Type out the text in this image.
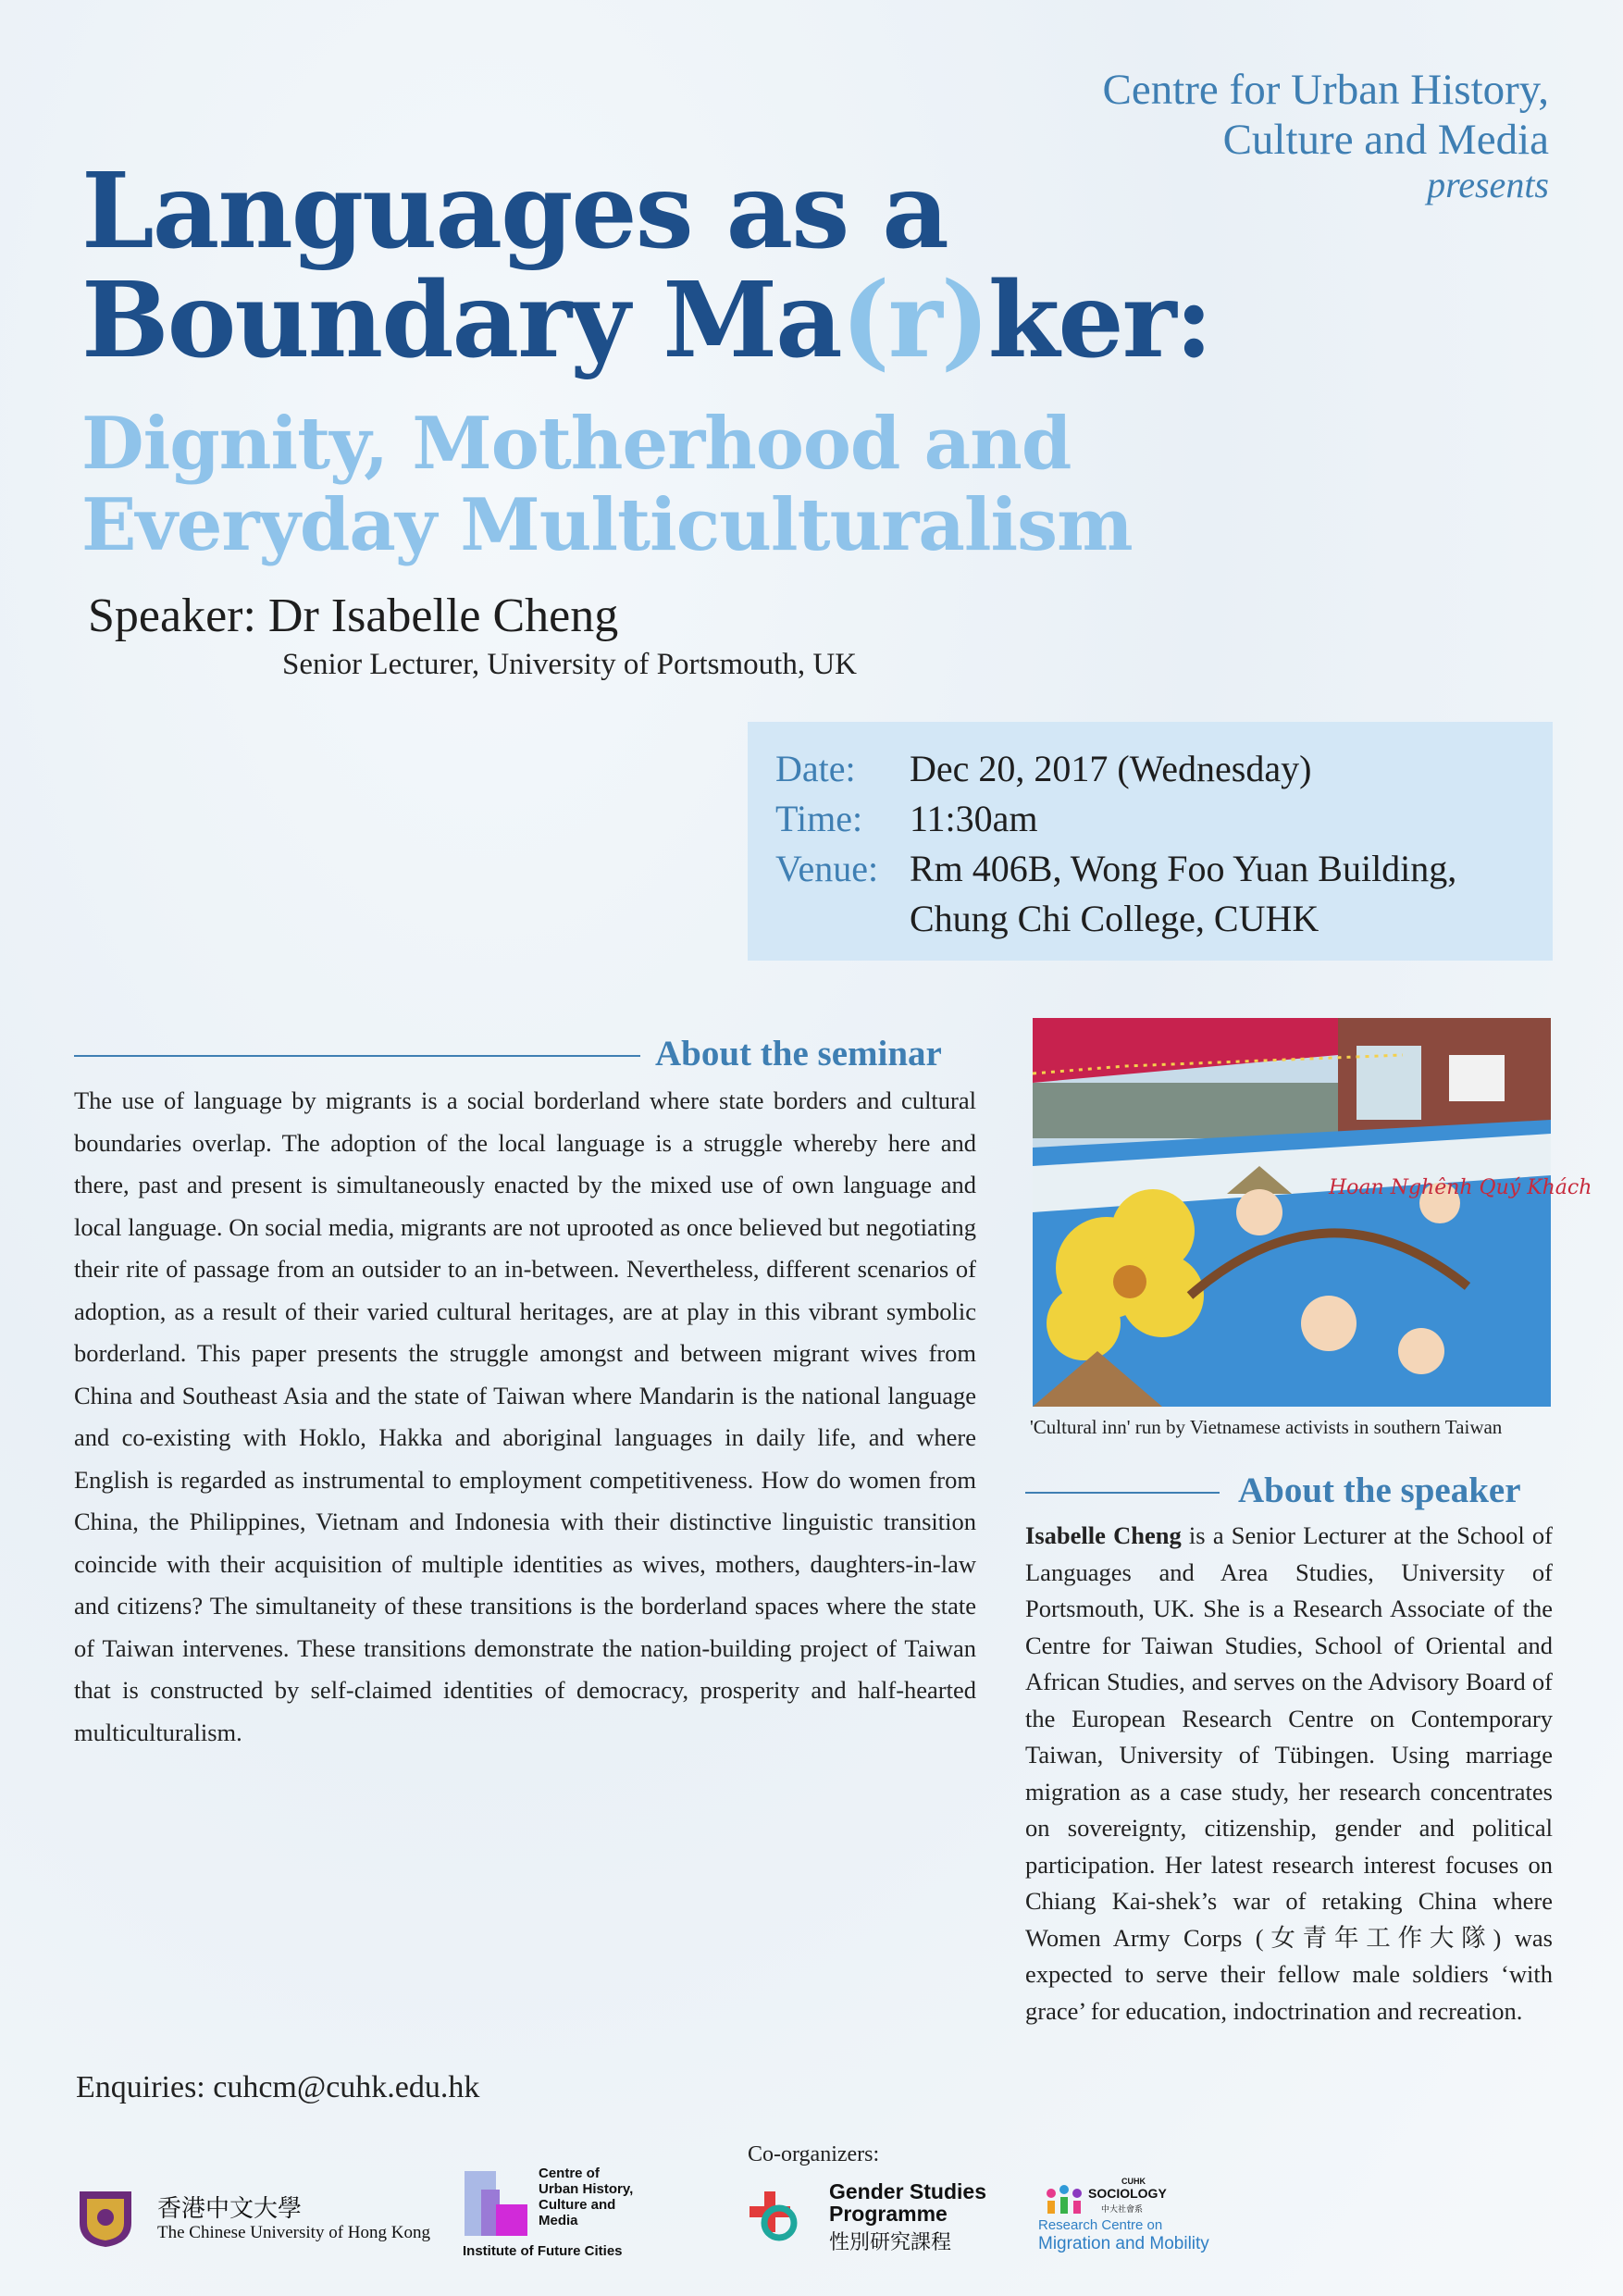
Centre for Urban History,
Culture and Media
presents
Languages as a
Boundary Ma(r)ker:
Dignity, Motherhood and
Everyday Multiculturalism
Speaker: Dr Isabelle Cheng
Senior Lecturer, University of Portsmouth, UK
Date: Dec 20, 2017 (Wednesday)
Time: 11:30am
Venue: Rm 406B, Wong Foo Yuan Building,
Chung Chi College, CUHK
About the seminar
The use of language by migrants is a social borderland where state borders and cultural boundaries overlap. The adoption of the local language is a struggle whereby here and there, past and present is simultaneously enacted by the mixed use of own language and local language. On social media, migrants are not uprooted as once believed but negotiating their rite of passage from an outsider to an in-between. Nevertheless, different scenarios of adoption, as a result of their varied cultural heritages, are at play in this vibrant symbolic borderland. This paper presents the struggle amongst and between migrant wives from China and Southeast Asia and the state of Taiwan where Mandarin is the national language and co-existing with Hoklo, Hakka and aboriginal languages in daily life, and where English is regarded as instrumental to employment competitiveness. How do women from China, the Philippines, Vietnam and Indonesia with their distinctive linguistic transition coincide with their acquisition of multiple identities as wives, mothers, daughters-in-law and citizens? The simultaneity of these transitions is the borderland spaces where the state of Taiwan intervenes. These transitions demonstrate the nation-building project of Taiwan that is constructed by self-claimed identities of democracy, prosperity and half-hearted multiculturalism.
Hoan Nghênh Quý Khách
'Cultural inn' run by Vietnamese activists in southern Taiwan
About the speaker
Isabelle Cheng is a Senior Lecturer at the School of Languages and Area Studies, University of Portsmouth, UK. She is a Research Associate of the Centre for Taiwan Studies, School of Oriental and African Studies, and serves on the Advisory Board of the European Research Centre on Contemporary Taiwan, University of Tübingen. Using marriage migration as a case study, her research concentrates on sovereignty, citizenship, gender and political participation. Her latest research interest focuses on Chiang Kai-shek’s war of retaking China where Women Army Corps (女青年工作大隊) was expected to serve their fellow male soldiers ‘with grace’ for education, indoctrination and recreation.
Enquiries: cuhcm@cuhk.edu.hk
Co-organizers:
香港中文大學
The Chinese University of Hong Kong
Centre of
Urban History,
Culture and
Media
Institute of Future Cities
Gender Studies
Programme
性別研究課程
CUHK
SOCIOLOGY
中大社會系
Research Centre on
Migration and Mobility
